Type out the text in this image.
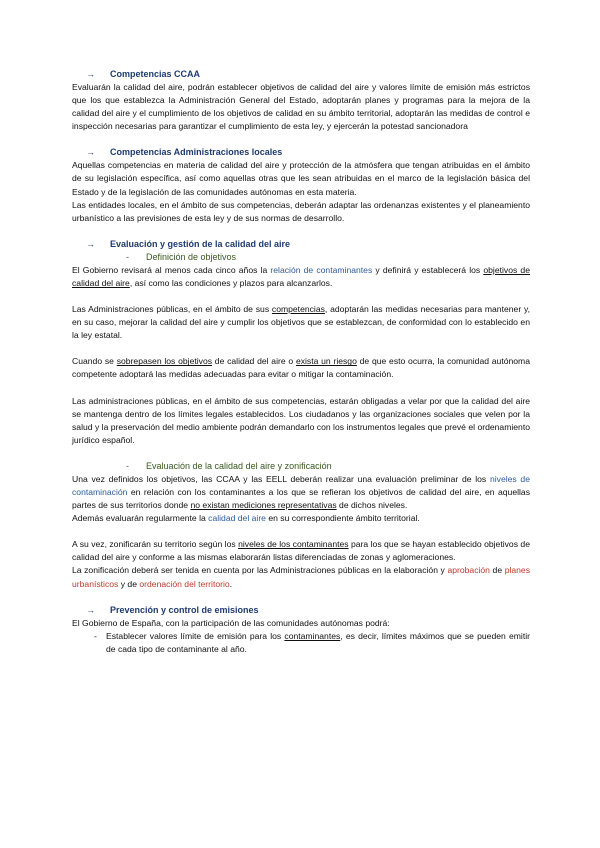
→ Competencias CCAA

Evaluarán la calidad del aire, podrán establecer objetivos de calidad del aire y valores límite de emisión más estrictos que los que establezca la Administración General del Estado, adoptarán planes y programas para la mejora de la calidad del aire y el cumplimiento de los objetivos de calidad en su ámbito territorial, adoptarán las medidas de control e inspección necesarias para garantizar el cumplimiento de esta ley, y ejercerán la potestad sancionadora

→ Competencias Administraciones locales

Aquellas competencias en materia de calidad del aire y protección de la atmósfera que tengan atribuidas en el ámbito de su legislación específica, así como aquellas otras que les sean atribuidas en el marco de la legislación básica del Estado y de la legislación de las comunidades autónomas en esta materia.

Las entidades locales, en el ámbito de sus competencias, deberán adaptar las ordenanzas existentes y el planeamiento urbanístico a las previsiones de esta ley y de sus normas de desarrollo.

→ Evaluación y gestión de la calidad del aire
- Definición de objetivos

El Gobierno revisará al menos cada cinco años la relación de contaminantes y definirá y establecerá los objetivos de calidad del aire, así como las condiciones y plazos para alcanzarlos.

Las Administraciones públicas, en el ámbito de sus competencias, adoptarán las medidas necesarias para mantener y, en su caso, mejorar la calidad del aire y cumplir los objetivos que se establezcan, de conformidad con lo establecido en la ley estatal.

Cuando se sobrepasen los objetivos de calidad del aire o exista un riesgo de que esto ocurra, la comunidad autónoma competente adoptará las medidas adecuadas para evitar o mitigar la contaminación.

Las administraciones públicas, en el ámbito de sus competencias, estarán obligadas a velar por que la calidad del aire se mantenga dentro de los límites legales establecidos. Los ciudadanos y las organizaciones sociales que velen por la salud y la preservación del medio ambiente podrán demandarlo con los instrumentos legales que prevé el ordenamiento jurídico español.

- Evaluación de la calidad del aire y zonificación

Una vez definidos los objetivos, las CCAA y las EELL deberán realizar una evaluación preliminar de los niveles de contaminación en relación con los contaminantes a los que se refieran los objetivos de calidad del aire, en aquellas partes de sus territorios donde no existan mediciones representativas de dichos niveles.

Además evaluarán regularmente la calidad del aire en su correspondiente ámbito territorial.

A su vez, zonificarán su territorio según los niveles de los contaminantes para los que se hayan establecido objetivos de calidad del aire y conforme a las mismas elaborarán listas diferenciadas de zonas y aglomeraciones.

La zonificación deberá ser tenida en cuenta por las Administraciones públicas en la elaboración y aprobación de planes urbanísticos y de ordenación del territorio.

→ Prevención y control de emisiones

El Gobierno de España, con la participación de las comunidades autónomas podrá:

- Establecer valores límite de emisión para los contaminantes, es decir, límites máximos que se pueden emitir de cada tipo de contaminante al año.
